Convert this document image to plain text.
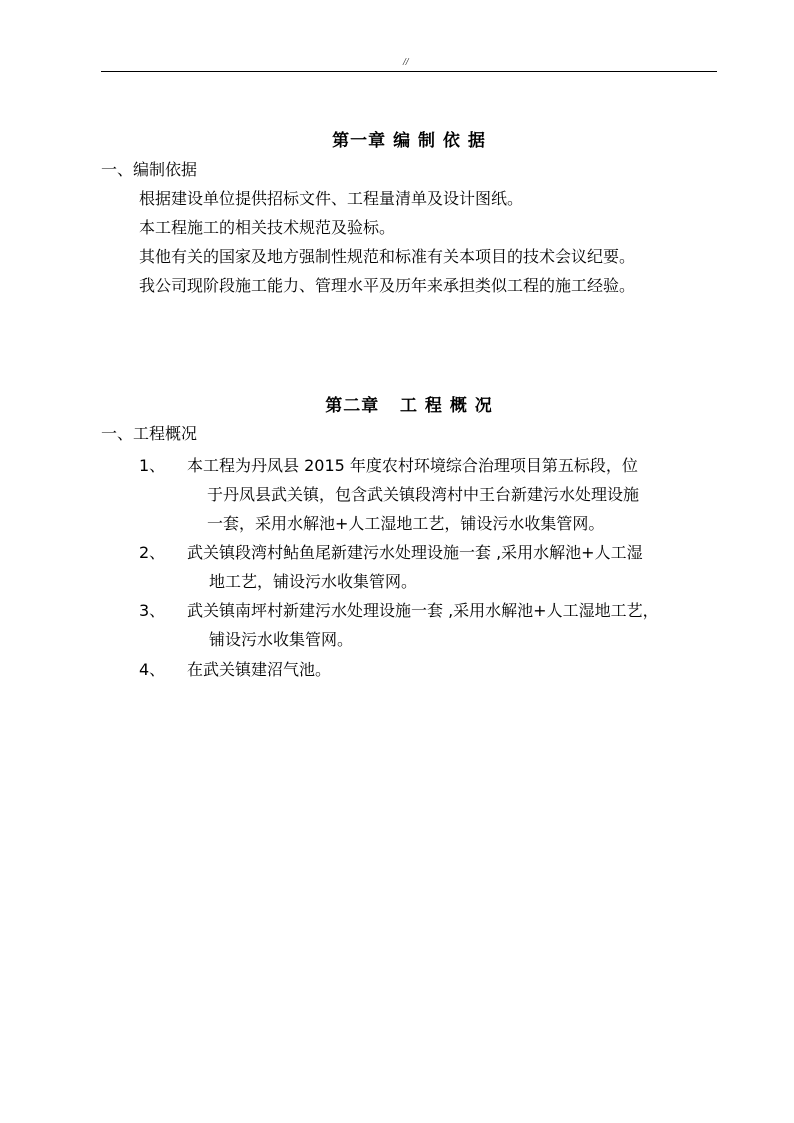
//
第一章 编 制 依 据
一、编制依据
根据建设单位提供招标文件、工程量清单及设计图纸。
本工程施工的相关技术规范及验标。
其他有关的国家及地方强制性规范和标准有关本项目的技术会议纪要。
我公司现阶段施工能力、管理水平及历年来承担类似工程的施工经验。
第二章   工 程 概 况
一、工程概况
1、 本工程为丹凤县 2015 年度农村环境综合治理项目第五标段，位
于丹凤县武关镇，包含武关镇段湾村中王台新建污水处理设施
一套，采用水解池+人工湿地工艺，铺设污水收集管网。
2、 武关镇段湾村鲇鱼尾新建污水处理设施一套 ,采用水解池+人工湿
地工艺，铺设污水收集管网。
3、 武关镇南坪村新建污水处理设施一套 ,采用水解池+人工湿地工艺，
铺设污水收集管网。
4、 在武关镇建沼气池。
